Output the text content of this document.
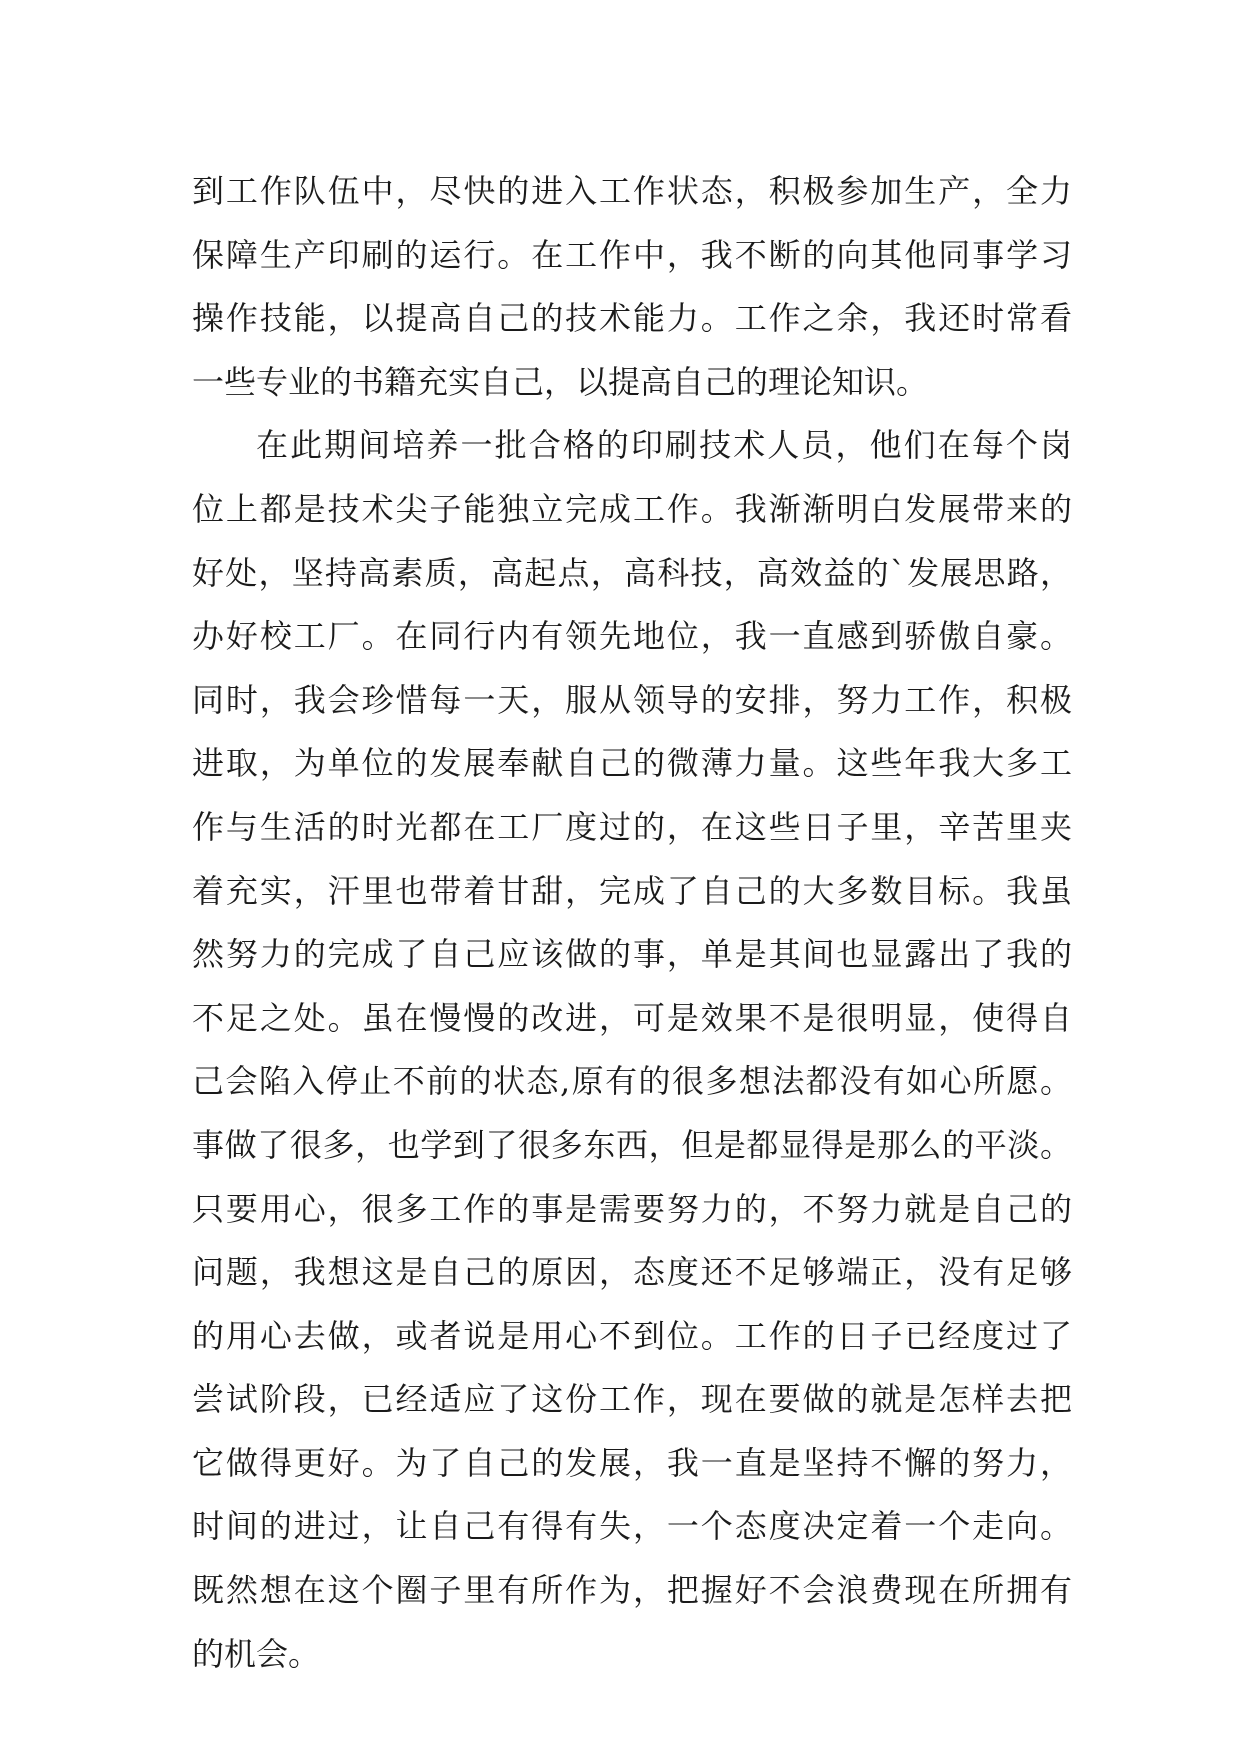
到工作队伍中，尽快的进入工作状态，积极参加生产，全力
保障生产印刷的运行。在工作中，我不断的向其他同事学习
操作技能，以提高自己的技术能力。工作之余，我还时常看
一些专业的书籍充实自己，以提高自己的理论知识。
在此期间培养一批合格的印刷技术人员，他们在每个岗
位上都是技术尖子能独立完成工作。我渐渐明白发展带来的
好处，坚持高素质，高起点，高科技，高效益的`发展思路，
办好校工厂。在同行内有领先地位，我一直感到骄傲自豪。
同时，我会珍惜每一天，服从领导的安排，努力工作，积极
进取，为单位的发展奉献自己的微薄力量。这些年我大多工
作与生活的时光都在工厂度过的，在这些日子里，辛苦里夹
着充实，汗里也带着甘甜，完成了自己的大多数目标。我虽
然努力的完成了自己应该做的事，单是其间也显露出了我的
不足之处。虽在慢慢的改进，可是效果不是很明显，使得自
己会陷入停止不前的状态,原有的很多想法都没有如心所愿。
事做了很多，也学到了很多东西，但是都显得是那么的平淡。
只要用心，很多工作的事是需要努力的，不努力就是自己的
问题，我想这是自己的原因，态度还不足够端正，没有足够
的用心去做，或者说是用心不到位。工作的日子已经度过了
尝试阶段，已经适应了这份工作，现在要做的就是怎样去把
它做得更好。为了自己的发展，我一直是坚持不懈的努力，
时间的进过，让自己有得有失，一个态度决定着一个走向。
既然想在这个圈子里有所作为，把握好不会浪费现在所拥有
的机会。
